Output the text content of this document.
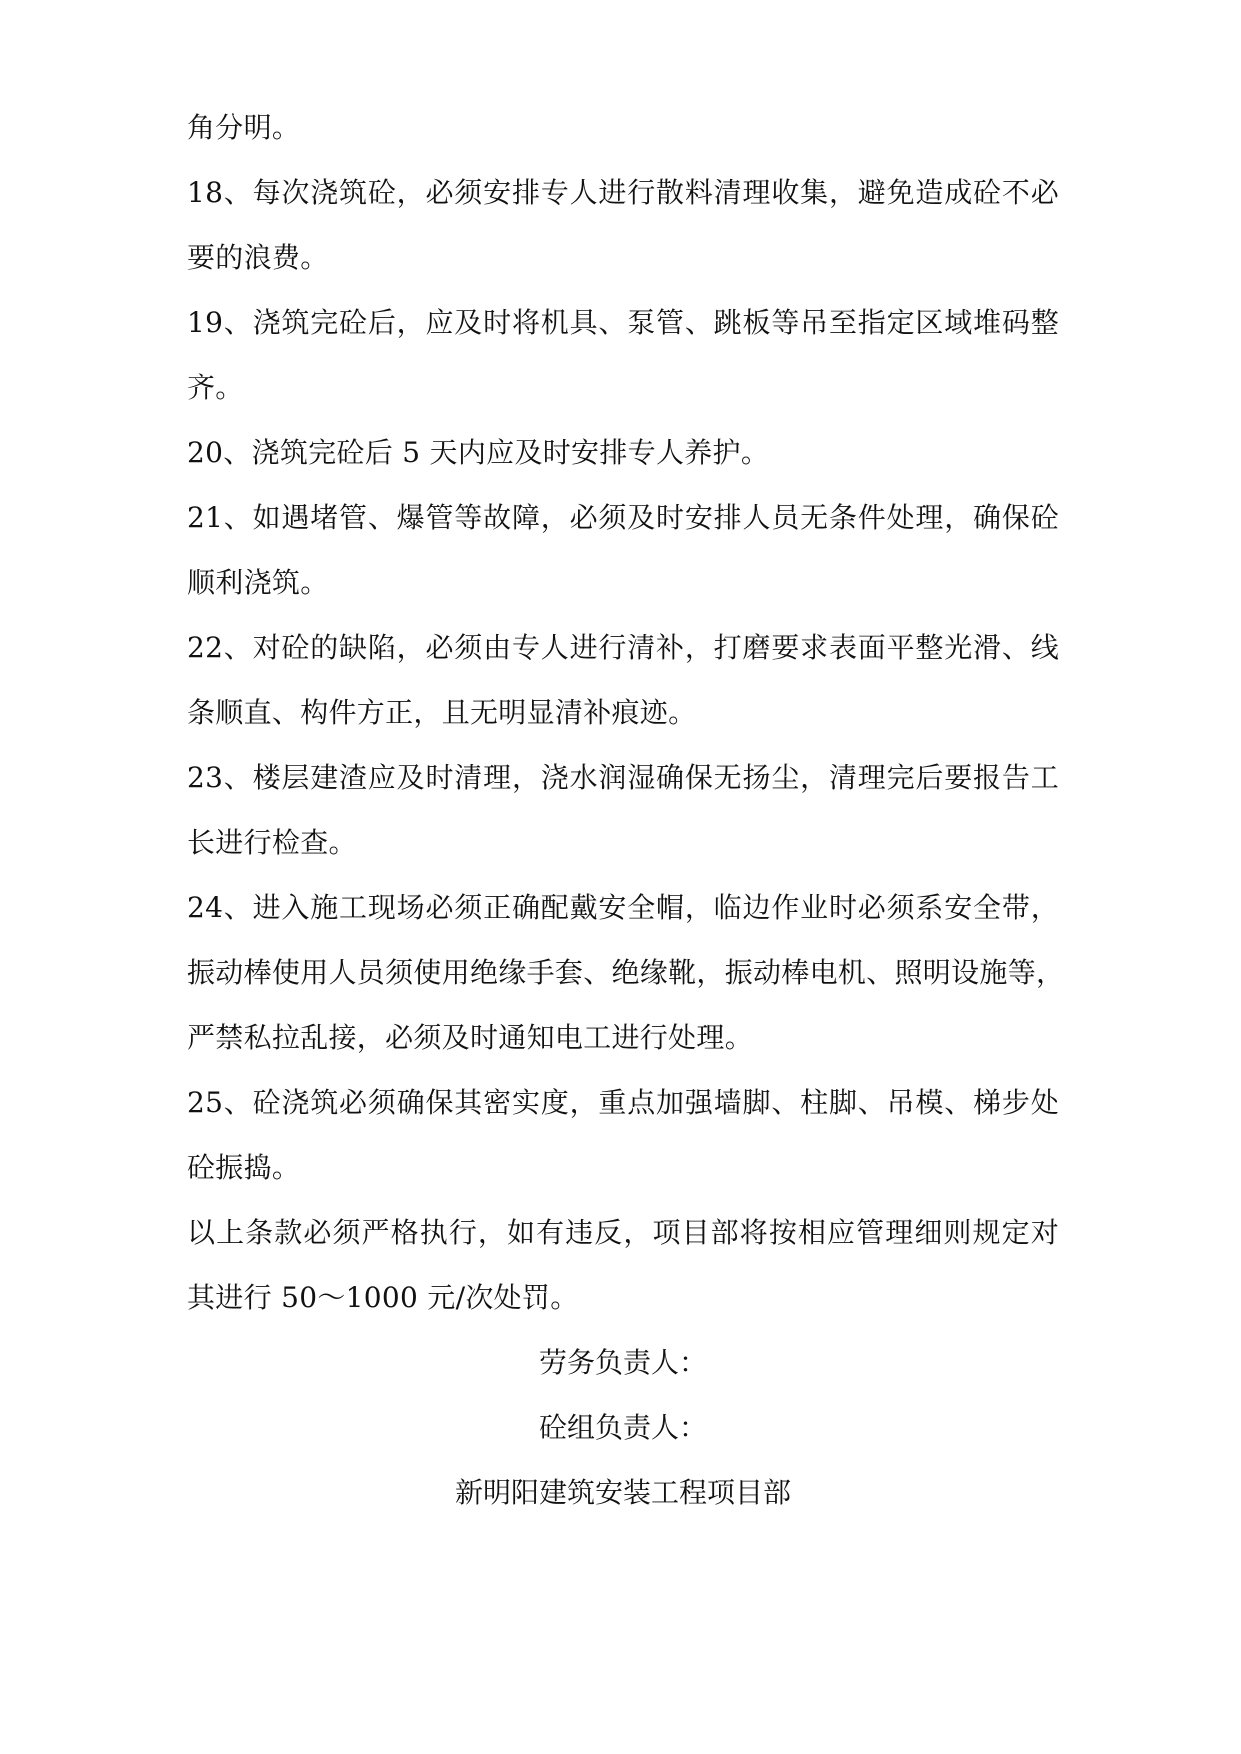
角分明。
18、每次浇筑砼，必须安排专人进行散料清理收集，避免造成砼不必
要的浪费。
19、浇筑完砼后，应及时将机具、泵管、跳板等吊至指定区域堆码整
齐。
20、浇筑完砼后 5 天内应及时安排专人养护。
21、如遇堵管、爆管等故障，必须及时安排人员无条件处理，确保砼
顺利浇筑。
22、对砼的缺陷，必须由专人进行清补，打磨要求表面平整光滑、线
条顺直、构件方正，且无明显清补痕迹。
23、楼层建渣应及时清理，浇水润湿确保无扬尘，清理完后要报告工
长进行检查。
24、进入施工现场必须正确配戴安全帽，临边作业时必须系安全带，
振动棒使用人员须使用绝缘手套、绝缘靴，振动棒电机、照明设施等，
严禁私拉乱接，必须及时通知电工进行处理。
25、砼浇筑必须确保其密实度，重点加强墙脚、柱脚、吊模、梯步处
砼振捣。
以上条款必须严格执行，如有违反，项目部将按相应管理细则规定对
其进行 50～1000 元/次处罚。
劳务负责人：
砼组负责人：
新明阳建筑安装工程项目部
